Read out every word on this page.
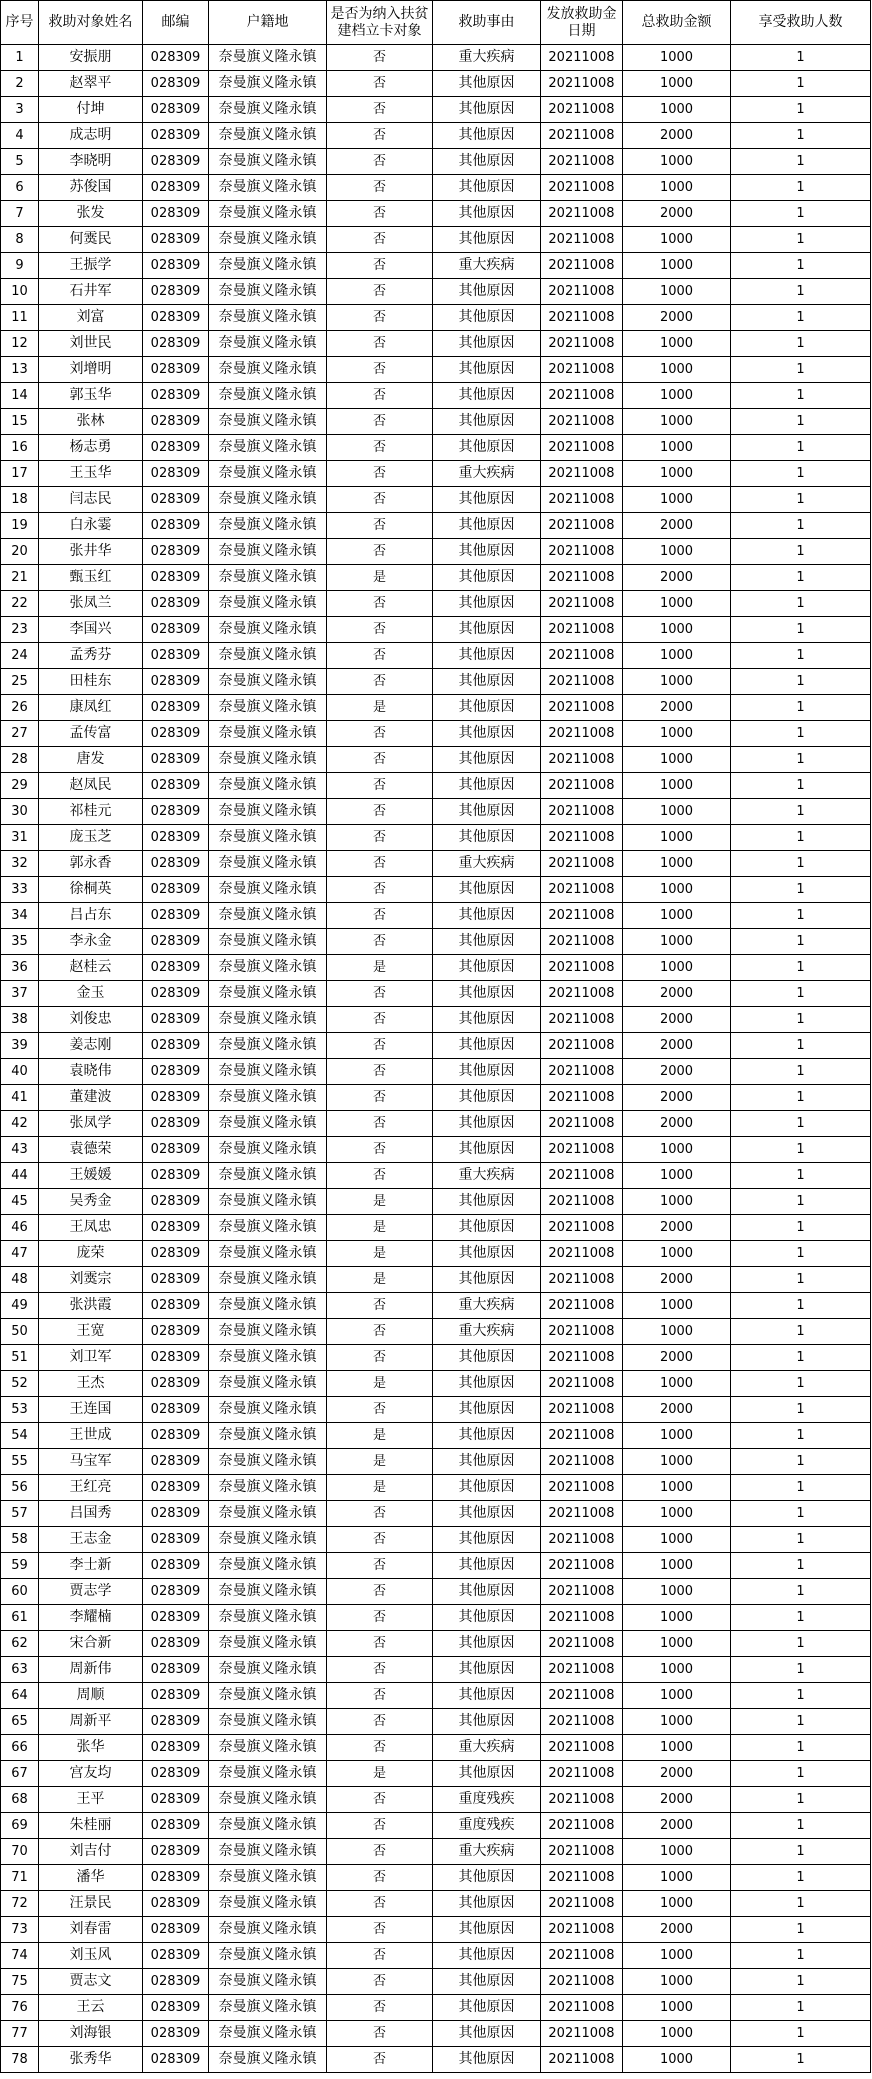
序号	救助对象姓名	邮编	户籍地	是否为纳入扶贫建档立卡对象	救助事由	发放救助金日期	总救助金额	享受救助人数
1	安振朋	028309	奈曼旗义隆永镇	否	重大疾病	20211008	1000	1
2	赵翠平	028309	奈曼旗义隆永镇	否	其他原因	20211008	1000	1
3	付坤	028309	奈曼旗义隆永镇	否	其他原因	20211008	1000	1
4	成志明	028309	奈曼旗义隆永镇	否	其他原因	20211008	2000	1
5	李晓明	028309	奈曼旗义隆永镇	否	其他原因	20211008	1000	1
6	苏俊国	028309	奈曼旗义隆永镇	否	其他原因	20211008	1000	1
7	张发	028309	奈曼旗义隆永镇	否	其他原因	20211008	2000	1
8	何霙民	028309	奈曼旗义隆永镇	否	其他原因	20211008	1000	1
9	王振学	028309	奈曼旗义隆永镇	否	重大疾病	20211008	1000	1
10	石井军	028309	奈曼旗义隆永镇	否	其他原因	20211008	1000	1
11	刘富	028309	奈曼旗义隆永镇	否	其他原因	20211008	2000	1
12	刘世民	028309	奈曼旗义隆永镇	否	其他原因	20211008	1000	1
13	刘增明	028309	奈曼旗义隆永镇	否	其他原因	20211008	1000	1
14	郭玉华	028309	奈曼旗义隆永镇	否	其他原因	20211008	1000	1
15	张林	028309	奈曼旗义隆永镇	否	其他原因	20211008	1000	1
16	杨志勇	028309	奈曼旗义隆永镇	否	其他原因	20211008	1000	1
17	王玉华	028309	奈曼旗义隆永镇	否	重大疾病	20211008	1000	1
18	闫志民	028309	奈曼旗义隆永镇	否	其他原因	20211008	1000	1
19	白永霎	028309	奈曼旗义隆永镇	否	其他原因	20211008	2000	1
20	张井华	028309	奈曼旗义隆永镇	否	其他原因	20211008	1000	1
21	甄玉红	028309	奈曼旗义隆永镇	是	其他原因	20211008	2000	1
22	张凤兰	028309	奈曼旗义隆永镇	否	其他原因	20211008	1000	1
23	李国兴	028309	奈曼旗义隆永镇	否	其他原因	20211008	1000	1
24	孟秀芬	028309	奈曼旗义隆永镇	否	其他原因	20211008	1000	1
25	田桂东	028309	奈曼旗义隆永镇	否	其他原因	20211008	1000	1
26	康凤红	028309	奈曼旗义隆永镇	是	其他原因	20211008	2000	1
27	孟传富	028309	奈曼旗义隆永镇	否	其他原因	20211008	1000	1
28	唐发	028309	奈曼旗义隆永镇	否	其他原因	20211008	1000	1
29	赵凤民	028309	奈曼旗义隆永镇	否	其他原因	20211008	1000	1
30	祁桂元	028309	奈曼旗义隆永镇	否	其他原因	20211008	1000	1
31	庞玉芝	028309	奈曼旗义隆永镇	否	其他原因	20211008	1000	1
32	郭永香	028309	奈曼旗义隆永镇	否	重大疾病	20211008	1000	1
33	徐桐英	028309	奈曼旗义隆永镇	否	其他原因	20211008	1000	1
34	吕占东	028309	奈曼旗义隆永镇	否	其他原因	20211008	1000	1
35	李永金	028309	奈曼旗义隆永镇	否	其他原因	20211008	1000	1
36	赵桂云	028309	奈曼旗义隆永镇	是	其他原因	20211008	1000	1
37	金玉	028309	奈曼旗义隆永镇	否	其他原因	20211008	2000	1
38	刘俊忠	028309	奈曼旗义隆永镇	否	其他原因	20211008	2000	1
39	姜志刚	028309	奈曼旗义隆永镇	否	其他原因	20211008	2000	1
40	袁晓伟	028309	奈曼旗义隆永镇	否	其他原因	20211008	2000	1
41	董建波	028309	奈曼旗义隆永镇	否	其他原因	20211008	2000	1
42	张凤学	028309	奈曼旗义隆永镇	否	其他原因	20211008	2000	1
43	袁德荣	028309	奈曼旗义隆永镇	否	其他原因	20211008	1000	1
44	王媛媛	028309	奈曼旗义隆永镇	否	重大疾病	20211008	1000	1
45	吴秀金	028309	奈曼旗义隆永镇	是	其他原因	20211008	1000	1
46	王凤忠	028309	奈曼旗义隆永镇	是	其他原因	20211008	2000	1
47	庞荣	028309	奈曼旗义隆永镇	是	其他原因	20211008	1000	1
48	刘霙宗	028309	奈曼旗义隆永镇	是	其他原因	20211008	2000	1
49	张洪霞	028309	奈曼旗义隆永镇	否	重大疾病	20211008	1000	1
50	王宽	028309	奈曼旗义隆永镇	否	重大疾病	20211008	1000	1
51	刘卫军	028309	奈曼旗义隆永镇	否	其他原因	20211008	2000	1
52	王杰	028309	奈曼旗义隆永镇	是	其他原因	20211008	1000	1
53	王连国	028309	奈曼旗义隆永镇	否	其他原因	20211008	2000	1
54	王世成	028309	奈曼旗义隆永镇	是	其他原因	20211008	1000	1
55	马宝军	028309	奈曼旗义隆永镇	是	其他原因	20211008	1000	1
56	王红亮	028309	奈曼旗义隆永镇	是	其他原因	20211008	1000	1
57	吕国秀	028309	奈曼旗义隆永镇	否	其他原因	20211008	1000	1
58	王志金	028309	奈曼旗义隆永镇	否	其他原因	20211008	1000	1
59	李士新	028309	奈曼旗义隆永镇	否	其他原因	20211008	1000	1
60	贾志学	028309	奈曼旗义隆永镇	否	其他原因	20211008	1000	1
61	李耀楠	028309	奈曼旗义隆永镇	否	其他原因	20211008	1000	1
62	宋合新	028309	奈曼旗义隆永镇	否	其他原因	20211008	1000	1
63	周新伟	028309	奈曼旗义隆永镇	否	其他原因	20211008	1000	1
64	周顺	028309	奈曼旗义隆永镇	否	其他原因	20211008	1000	1
65	周新平	028309	奈曼旗义隆永镇	否	其他原因	20211008	1000	1
66	张华	028309	奈曼旗义隆永镇	否	重大疾病	20211008	1000	1
67	宫友均	028309	奈曼旗义隆永镇	是	其他原因	20211008	2000	1
68	王平	028309	奈曼旗义隆永镇	否	重度残疾	20211008	2000	1
69	朱桂丽	028309	奈曼旗义隆永镇	否	重度残疾	20211008	2000	1
70	刘吉付	028309	奈曼旗义隆永镇	否	重大疾病	20211008	1000	1
71	潘华	028309	奈曼旗义隆永镇	否	其他原因	20211008	1000	1
72	汪景民	028309	奈曼旗义隆永镇	否	其他原因	20211008	1000	1
73	刘春雷	028309	奈曼旗义隆永镇	否	其他原因	20211008	2000	1
74	刘玉风	028309	奈曼旗义隆永镇	否	其他原因	20211008	1000	1
75	贾志文	028309	奈曼旗义隆永镇	否	其他原因	20211008	1000	1
76	王云	028309	奈曼旗义隆永镇	否	其他原因	20211008	1000	1
77	刘海银	028309	奈曼旗义隆永镇	否	其他原因	20211008	1000	1
78	张秀华	028309	奈曼旗义隆永镇	否	其他原因	20211008	1000	1
